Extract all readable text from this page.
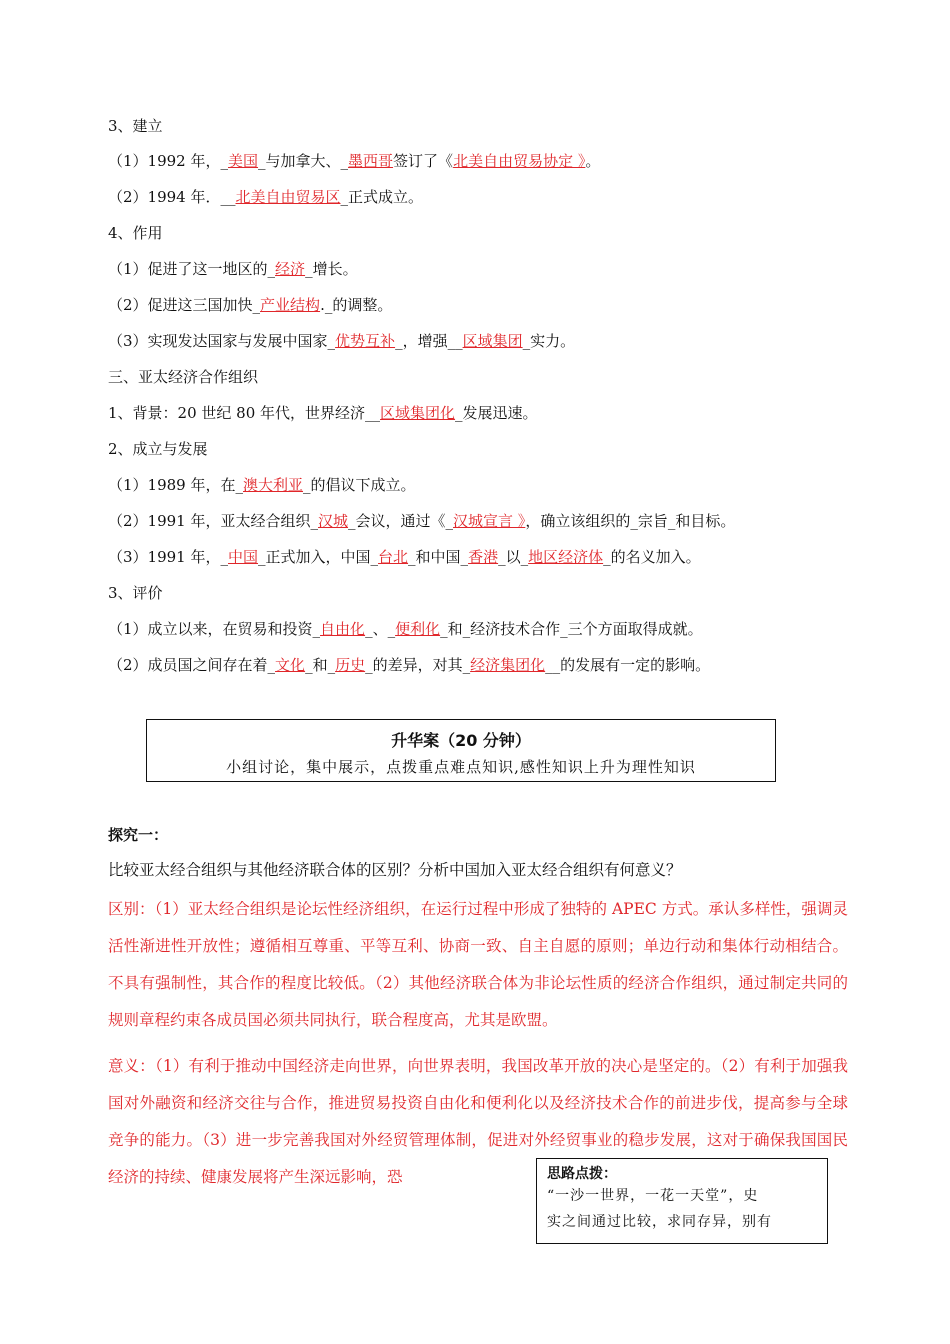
3、建立
（1）1992 年，_美国_与加拿大、_墨西哥签订了《北美自由贸易协定 》。
（2）1994 年．__北美自由贸易区_正式成立。
4、作用
（1）促进了这一地区的_经济_增长。
（2）促进这三国加快_产业结构._的调整。
（3）实现发达国家与发展中国家_优势互补_，增强__区域集团_实力。
三、亚太经济合作组织
1、背景：20 世纪 80 年代，世界经济__区域集团化_发展迅速。
2、成立与发展
（1）1989 年，在_澳大利亚_的倡议下成立。
（2）1991 年，亚太经合组织_汉城_会议，通过《_汉城宣言 》，确立该组织的_宗旨_和目标。
（3）1991 年，_中国_正式加入，中国_台北_和中国_香港_以_地区经济体_的名义加入。
3、评价
（1）成立以来，在贸易和投资_自由化_、_便利化_和_经济技术合作_三个方面取得成就。
（2）成员国之间存在着_文化_和_历史_的差异，对其_经济集团化__的发展有一定的影响。
升华案（20 分钟）
小组讨论，集中展示，点拨重点难点知识,感性知识上升为理性知识
探究一：
比较亚太经合组织与其他经济联合体的区别？分析中国加入亚太经合组织有何意义？
区别：（1）亚太经合组织是论坛性经济组织，在运行过程中形成了独特的 APEC 方式。承认多样性，强调灵活性渐进性开放性；遵循相互尊重、平等互利、协商一致、自主自愿的原则；单边行动和集体行动相结合。不具有强制性，其合作的程度比较低。（2）其他经济联合体为非论坛性质的经济合作组织，通过制定共同的规则章程约束各成员国必须共同执行，联合程度高，尤其是欧盟。
意义：（1）有利于推动中国经济走向世界，向世界表明，我国改革开放的决心是坚定的。（2）有利于加强我国对外融资和经济交往与合作，推进贸易投资自由化和便利化以及经济技术合作的前进步伐，提高参与全球竞争的能力。（3）进一步完善我国对外经贸管理体制，促进对外经贸事业的稳步发展，这对于确保我国国民经济的持续、健康发展将产生深远影响，恐	思路点拨：
“一沙一世界，一花一天堂”，史
实之间通过比较，求同存异，别有
